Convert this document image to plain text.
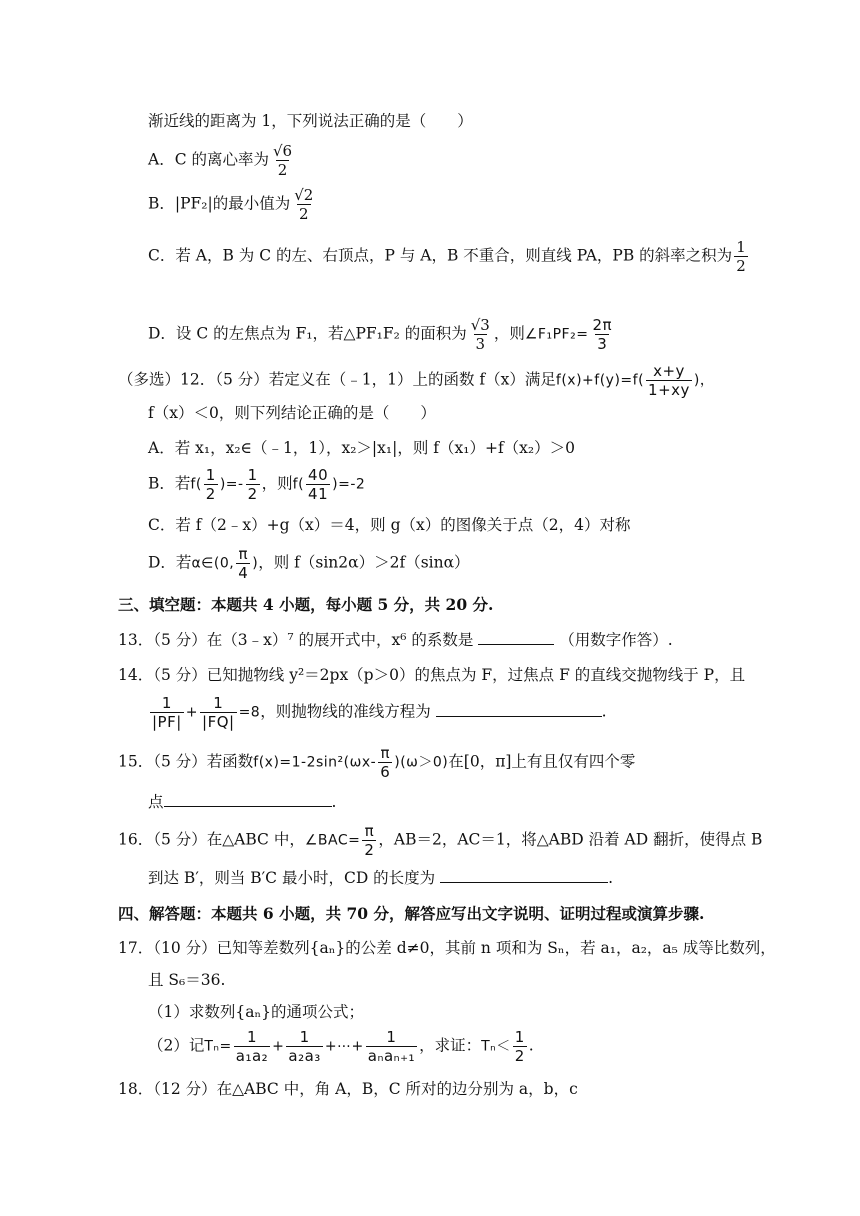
渐近线的距离为 1，下列说法正确的是（　　）
A．C 的离心率为 $\frac{√6}{2}$
B．|PF₂|的最小值为 $\frac{√2}{2}$
C．若 A，B 为 C 的左、右顶点，P 与 A，B 不重合，则直线 PA，PB 的斜率之积为 $\frac{1}{2}$
D．设 C 的左焦点为 F₁，若△PF₁F₂ 的面积为 $\frac{√3}{3}$ ，则∠F₁PF₂= $\frac{2\pi}{3}$
（多选）12．（5 分）若定义在（﹣1，1）上的函数 f（x）满足$f(x)+f(y)=f( \frac{x+y}{1+xy}$ )，
f（x）＜0，则下列结论正确的是（　　）
A．若 x₁，x₂∈（﹣1，1），x₂＞|x₁|，则 f（x₁）+f（x₂）＞0
B．若$f( \frac{1}{2}$ )=- $\frac{1}{2}$ ，则$f( \frac{40}{41} )=-2$
C．若 f（2﹣x）+g（x）＝4，则 g（x）的图像关于点（2，4）对称
D．若α∈(0, $\frac{\pi}{4}$ )，则 f（sin2α）＞2f（sinα）
三、填空题：本题共 4 小题，每小题 5 分，共 20 分.
13．（5 分）在（3﹣x）⁷ 的展开式中，x⁶ 的系数是	（用数字作答）.
14．（5 分）已知抛物线 y²＝2px（p＞0）的焦点为 F，过焦点 F 的直线交抛物线于 P，且
$\frac{1}{|PF|} + \frac{1}{|FQ|} =8$，则抛物线的准线方程为	.
15．（5 分）若函数$f(x)=1-2\sin^2(\omega x- \frac{\pi}{6} )(\omega>0)$在[0，π]上有且仅有四个零
点	.
16．（5 分）在△ABC 中，∠BAC= $\frac{\pi}{2}$ ，AB＝2，AC＝1，将△ABD 沿着 AD 翻折，使得点 B
到达 B′，则当 B′C 最小时，CD 的长度为	.
四、解答题：本题共 6 小题，共 70 分，解答应写出文字说明、证明过程或演算步骤.
17．（10 分）已知等差数列{aₙ}的公差 d≠0，其前 n 项和为 Sₙ，若 a₁，a₂，a₅ 成等比数列，
且 S₆＝36.
（1）求数列{aₙ}的通项公式；
（2）记$T_n= \frac{1}{\text{a₁a₂}} + \frac{1}{\text{a₂a₃}}$ +⋯+ $\frac{1}{\text{aₙaₙ₊₁}}$ ，求证：$T_n< \frac{1}{2}$ .
18．（12 分）在△ABC 中，角 A，B，C 所对的边分别为 a，b，c
